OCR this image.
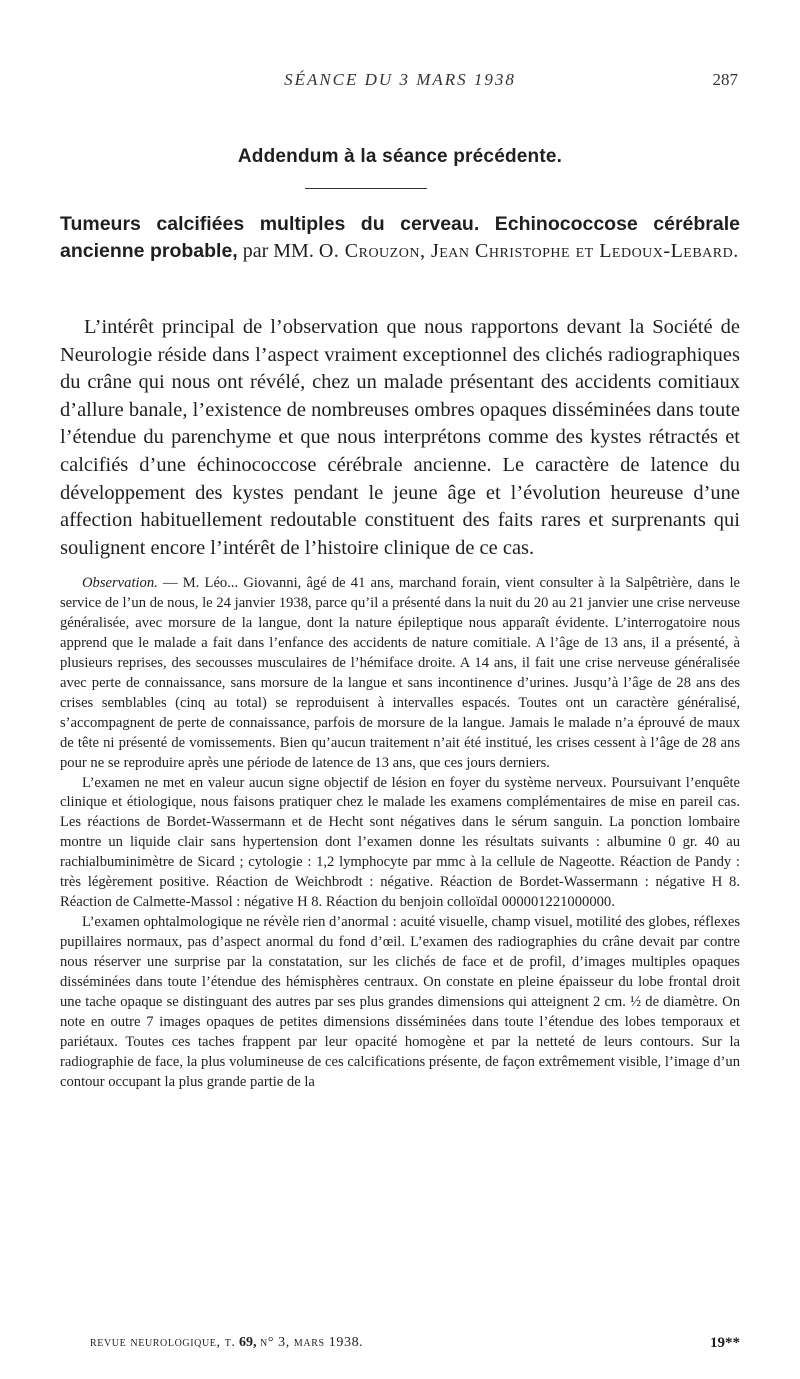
SÉANCE DU 3 MARS 1938	287
Addendum à la séance précédente.
Tumeurs calcifiées multiples du cerveau. Echinococcose cérébrale ancienne probable, par MM. O. Crouzon, Jean Christophe et Ledoux-Lebard.

L’intérêt principal de l’observation que nous rapportons devant la Société de Neurologie réside dans l’aspect vraiment exceptionnel des clichés radiographiques du crâne qui nous ont révélé, chez un malade présentant des accidents comitiaux d’allure banale, l’existence de nombreuses ombres opaques disséminées dans toute l’étendue du parenchyme et que nous interprétons comme des kystes rétractés et calcifiés d’une échinococcose cérébrale ancienne. Le caractère de latence du développement des kystes pendant le jeune âge et l’évolution heureuse d’une affection habituellement redoutable constituent des faits rares et surprenants qui soulignent encore l’intérêt de l’histoire clinique de ce cas.

Observation. — M. Léo... Giovanni, âgé de 41 ans, marchand forain, vient consulter à la Salpêtrière, dans le service de l’un de nous, le 24 janvier 1938, parce qu’il a présenté dans la nuit du 20 au 21 janvier une crise nerveuse généralisée, avec morsure de la langue, dont la nature épileptique nous apparaît évidente. L’interrogatoire nous apprend que le malade a fait dans l’enfance des accidents de nature comitiale. A l’âge de 13 ans, il a présenté, à plusieurs reprises, des secousses musculaires de l’hémiface droite. A 14 ans, il fait une crise nerveuse généralisée avec perte de connaissance, sans morsure de la langue et sans incontinence d’urines. Jusqu’à l’âge de 28 ans des crises semblables (cinq au total) se reproduisent à intervalles espacés. Toutes ont un caractère généralisé, s’accompagnent de perte de connaissance, parfois de morsure de la langue. Jamais le malade n’a éprouvé de maux de tête ni présenté de vomissements. Bien qu’aucun traitement n’ait été institué, les crises cessent à l’âge de 28 ans pour ne se reproduire après une période de latence de 13 ans, que ces jours derniers.

L’examen ne met en valeur aucun signe objectif de lésion en foyer du système nerveux. Poursuivant l’enquête clinique et étiologique, nous faisons pratiquer chez le malade les examens complémentaires de mise en pareil cas. Les réactions de Bordet-Wassermann et de Hecht sont négatives dans le sérum sanguin. La ponction lombaire montre un liquide clair sans hypertension dont l’examen donne les résultats suivants : albumine 0 gr. 40 au rachialbuminimètre de Sicard ; cytologie : 1,2 lymphocyte par mmc à la cellule de Nageotte. Réaction de Pandy : très légèrement positive. Réaction de Weichbrodt : négative. Réaction de Bordet-Wassermann : négative H 8. Réaction de Calmette-Massol : négative H 8. Réaction du benjoin colloïdal 000001221000000.

L’examen ophtalmologique ne révèle rien d’anormal : acuité visuelle, champ visuel, motilité des globes, réflexes pupillaires normaux, pas d’aspect anormal du fond d’œil. L’examen des radiographies du crâne devait par contre nous réserver une surprise par la constatation, sur les clichés de face et de profil, d’images multiples opaques disséminées dans toute l’étendue des hémisphères centraux. On constate en pleine épaisseur du lobe frontal droit une tache opaque se distinguant des autres par ses plus grandes dimensions qui atteignent 2 cm. ½ de diamètre. On note en outre 7 images opaques de petites dimensions disséminées dans toute l’étendue des lobes temporaux et pariétaux. Toutes ces taches frappent par leur opacité homogène et par la netteté de leurs contours. Sur la radiographie de face, la plus volumineuse de ces calcifications présente, de façon extrêmement visible, l’image d’un contour occupant la plus grande partie de la

revue neurologique, t. 69, n° 3, mars 1938.	19**
